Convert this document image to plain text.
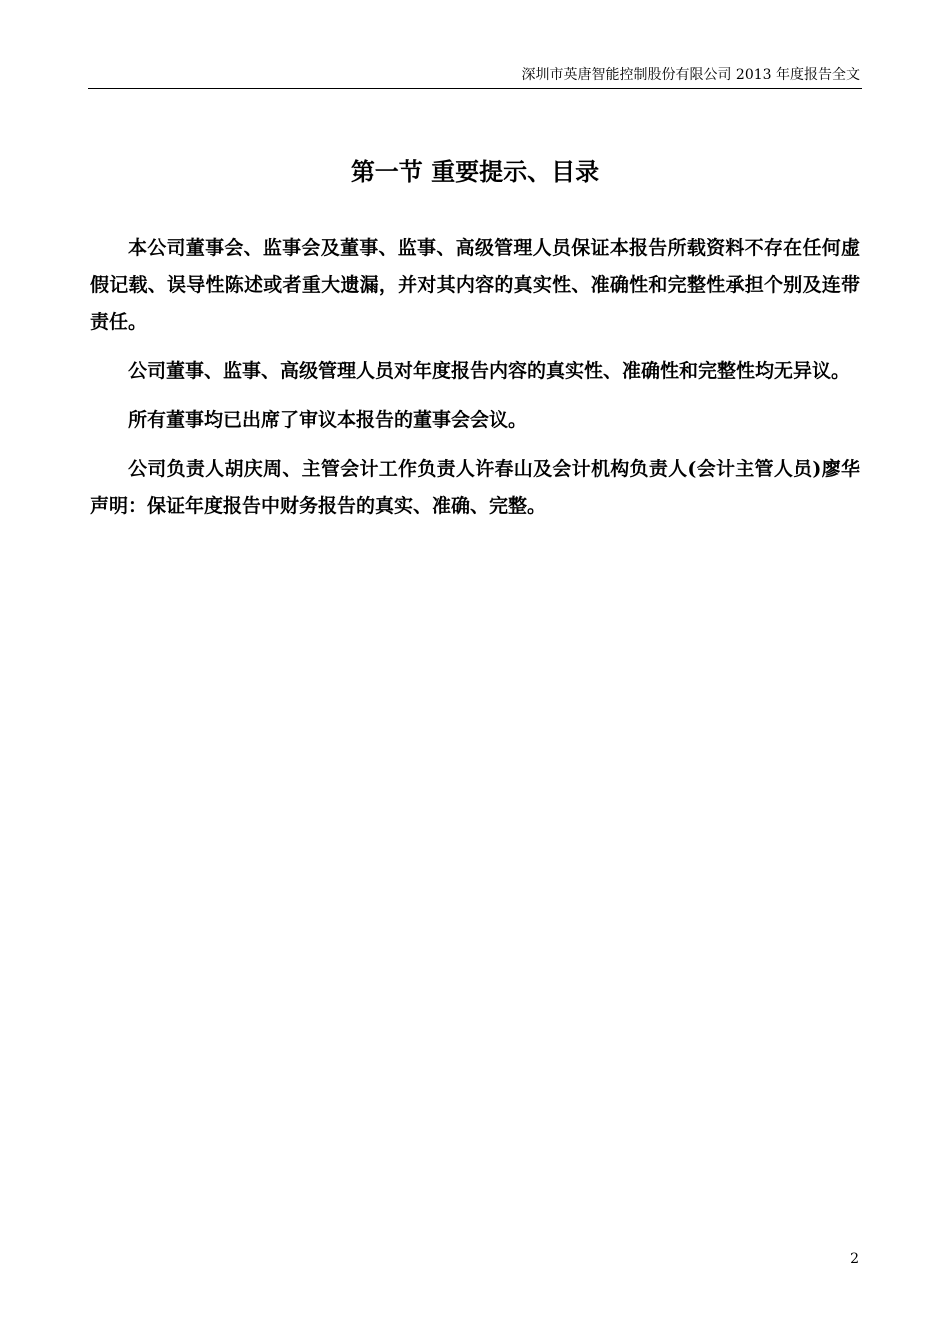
深圳市英唐智能控制股份有限公司 2013 年度报告全文
第一节 重要提示、目录

本公司董事会、监事会及董事、监事、高级管理人员保证本报告所载资料不存在任何虚假记载、误导性陈述或者重大遗漏，并对其内容的真实性、准确性和完整性承担个别及连带责任。

公司董事、监事、高级管理人员对年度报告内容的真实性、准确性和完整性均无异议。

所有董事均已出席了审议本报告的董事会会议。

公司负责人胡庆周、主管会计工作负责人许春山及会计机构负责人(会计主管人员)廖华声明：保证年度报告中财务报告的真实、准确、完整。

2
